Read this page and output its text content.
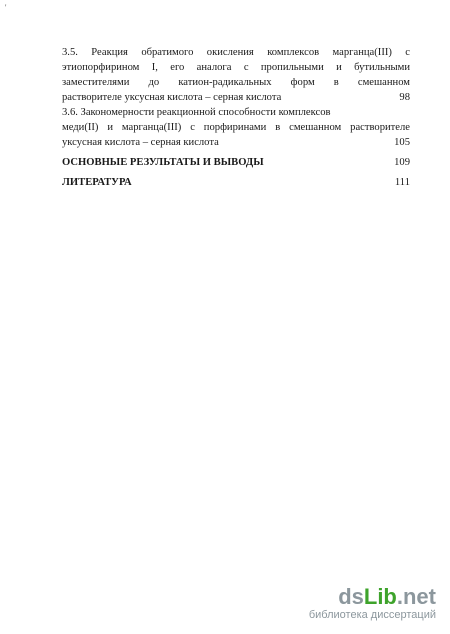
'
3.5. Реакция обратимого окисления комплексов марганца(III) с
этиопорфирином I, его аналога с пропильными и бутильными
заместителями до катион-радикальных форм в смешанном
растворителе уксусная кислота – серная кислота	98
3.6. Закономерности реакционной способности комплексов
меди(II) и марганца(III) с порфиринами в смешанном растворителе
уксусная кислота – серная кислота	105
ОСНОВНЫЕ РЕЗУЛЬТАТЫ И ВЫВОДЫ	109
ЛИТЕРАТУРА	111
dsLib.net
библиотека диссертаций
